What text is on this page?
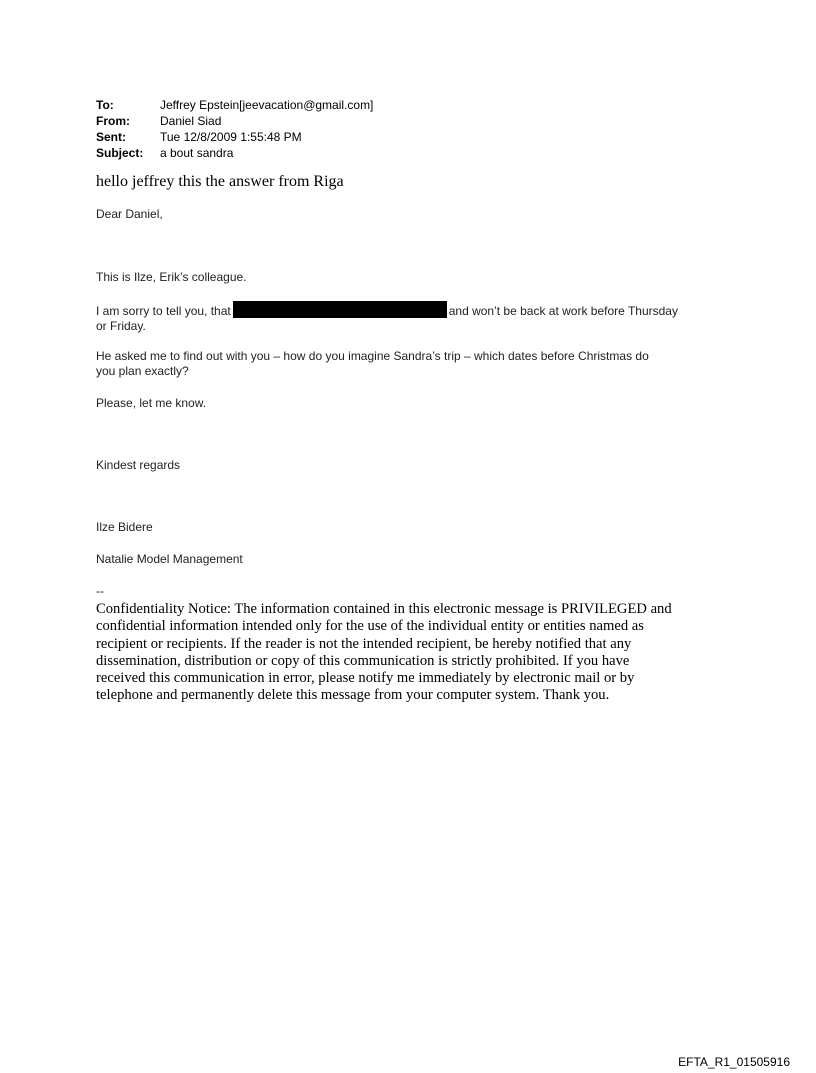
To:	Jeffrey Epstein[jeevacation@gmail.com]
From:	Daniel Siad
Sent:	Tue 12/8/2009 1:55:48 PM
Subject:	a bout sandra
hello jeffrey this the answer from Riga
Dear Daniel,
This is Ilze, Erik’s colleague.
I am sorry to tell you, that	and won’t be back at work before Thursday
or Friday.
He asked me to find out with you – how do you imagine Sandra’s trip – which dates before Christmas do
you plan exactly?
Please, let me know.
Kindest regards
Ilze Bidere
Natalie Model Management
--
Confidentiality Notice: The information contained in this electronic message is PRIVILEGED and
confidential information intended only for the use of the individual entity or entities named as
recipient or recipients. If the reader is not the intended recipient, be hereby notified that any
dissemination, distribution or copy of this communication is strictly prohibited. If you have
received this communication in error, please notify me immediately by electronic mail or by
telephone and permanently delete this message from your computer system. Thank you.
EFTA_R1_01505916
